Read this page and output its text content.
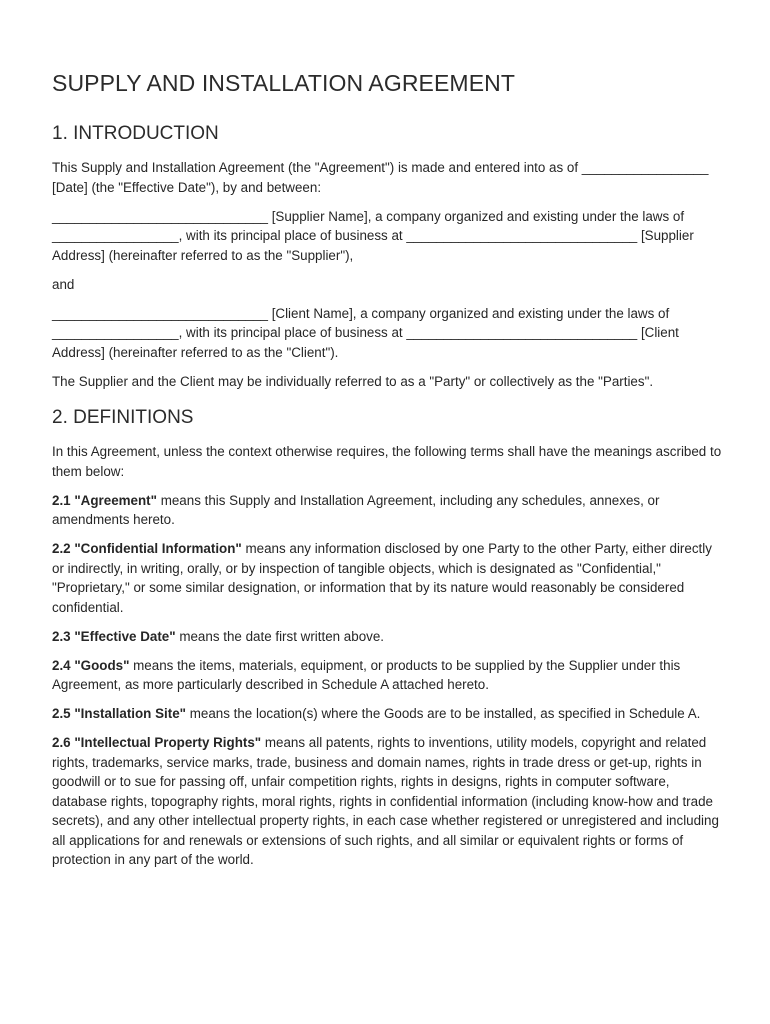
SUPPLY AND INSTALLATION AGREEMENT
1. INTRODUCTION

This Supply and Installation Agreement (the "Agreement") is made and entered into as of _________________ [Date] (the "Effective Date"), by and between:

_____________________________ [Supplier Name], a company organized and existing under the laws of _________________, with its principal place of business at _______________________________ [Supplier Address] (hereinafter referred to as the "Supplier"),

and

_____________________________ [Client Name], a company organized and existing under the laws of _________________, with its principal place of business at _______________________________ [Client Address] (hereinafter referred to as the "Client").

The Supplier and the Client may be individually referred to as a "Party" or collectively as the "Parties".

2. DEFINITIONS

In this Agreement, unless the context otherwise requires, the following terms shall have the meanings ascribed to them below:

2.1 "Agreement" means this Supply and Installation Agreement, including any schedules, annexes, or amendments hereto.

2.2 "Confidential Information" means any information disclosed by one Party to the other Party, either directly or indirectly, in writing, orally, or by inspection of tangible objects, which is designated as "Confidential," "Proprietary," or some similar designation, or information that by its nature would reasonably be considered confidential.

2.3 "Effective Date" means the date first written above.

2.4 "Goods" means the items, materials, equipment, or products to be supplied by the Supplier under this Agreement, as more particularly described in Schedule A attached hereto.

2.5 "Installation Site" means the location(s) where the Goods are to be installed, as specified in Schedule A.

2.6 "Intellectual Property Rights" means all patents, rights to inventions, utility models, copyright and related rights, trademarks, service marks, trade, business and domain names, rights in trade dress or get-up, rights in goodwill or to sue for passing off, unfair competition rights, rights in designs, rights in computer software, database rights, topography rights, moral rights, rights in confidential information (including know-how and trade secrets), and any other intellectual property rights, in each case whether registered or unregistered and including all applications for and renewals or extensions of such rights, and all similar or equivalent rights or forms of protection in any part of the world.
